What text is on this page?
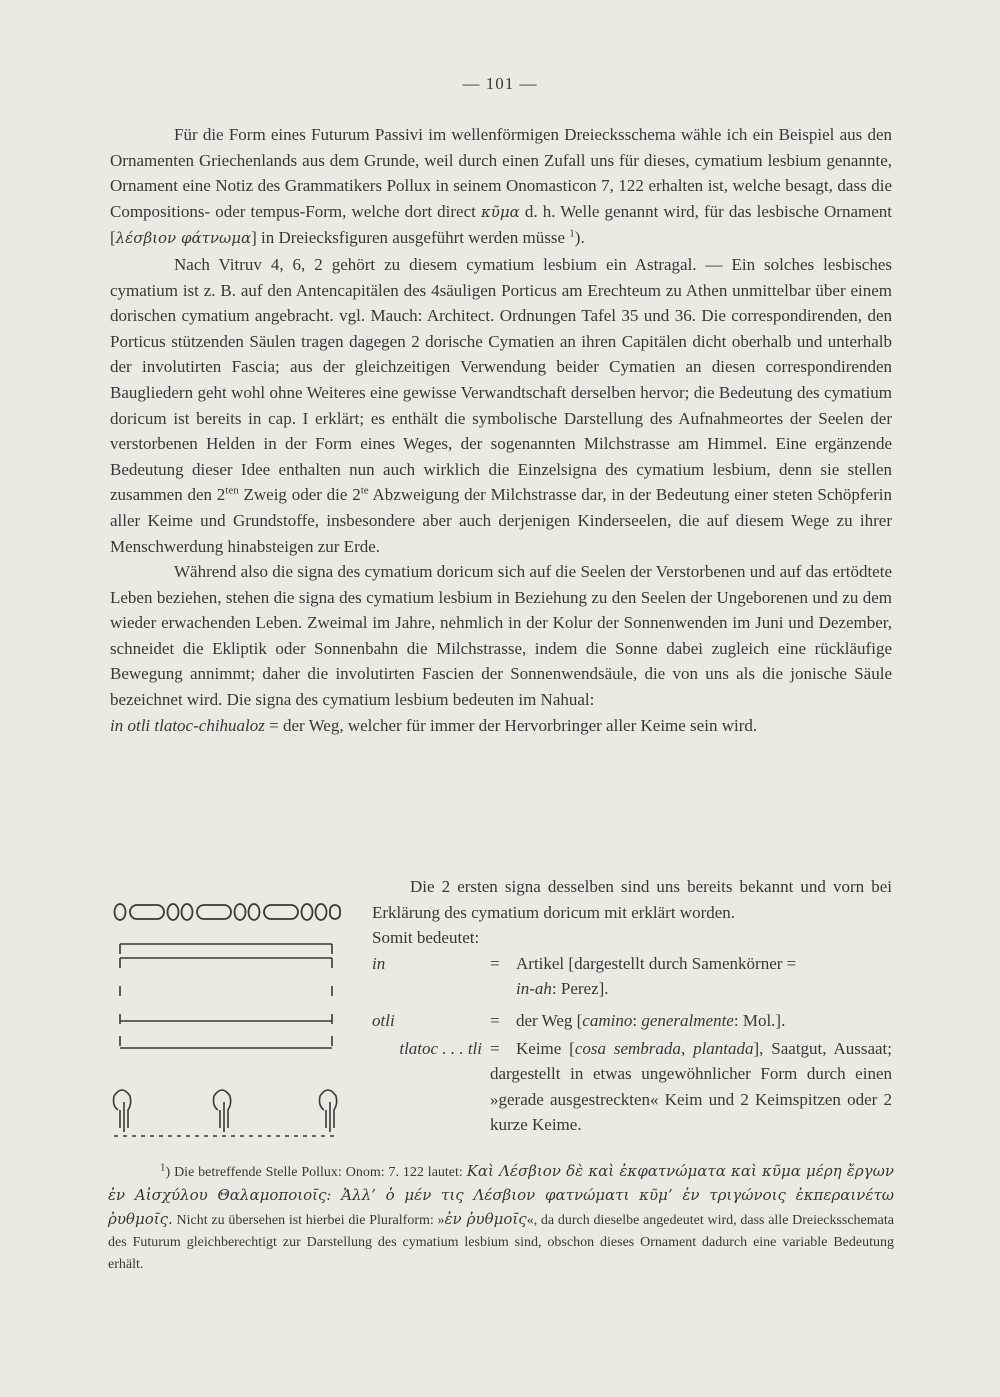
— 101 —

Für die Form eines Futurum Passivi im wellenförmigen Dreiecksschema wähle ich ein Beispiel aus den Ornamenten Griechenlands aus dem Grunde, weil durch einen Zufall uns für dieses, cymatium lesbium genannte, Ornament eine Notiz des Grammatikers Pollux in seinem Onomasticon 7, 122 erhalten ist, welche besagt, dass die Compositions- oder tempus-Form, welche dort direct κῦμα d. h. Welle genannt wird, für das lesbische Ornament [λέσβιον φάτνωμα] in Dreiecksfiguren ausgeführt werden müsse $^1$).

Nach Vitruv 4, 6, 2 gehört zu diesem cymatium lesbium ein Astragal. — Ein solches lesbisches cymatium ist z. B. auf den Antencapitälen des 4säuligen Porticus am Erechteum zu Athen unmittelbar über einem dorischen cymatium angebracht. vgl. Mauch: Architect. Ordnungen Tafel 35 und 36. Die correspondirenden, den Porticus stützenden Säulen tragen dagegen 2 dorische Cymatien an ihren Capitälen dicht oberhalb und unterhalb der involutirten Fascia; aus der gleichzeitigen Verwendung beider Cymatien an diesen correspondirenden Baugliedern geht wohl ohne Weiteres eine gewisse Verwandtschaft derselben hervor; die Bedeutung des cymatium doricum ist bereits in cap. I erklärt; es enthält die symbolische Darstellung des Aufnahmeortes der Seelen der verstorbenen Helden in der Form eines Weges, der sogenannten Milchstrasse am Himmel. Eine ergänzende Bedeutung dieser Idee enthalten nun auch wirklich die Einzelsigna des cymatium lesbium, denn sie stellen zusammen den $2^{ten}$ Zweig oder die $2^{te}$ Abzweigung der Milchstrasse dar, in der Bedeutung einer steten Schöpferin aller Keime und Grundstoffe, insbesondere aber auch derjenigen Kinderseelen, die auf diesem Wege zu ihrer Menschwerdung hinabsteigen zur Erde.

Während also die signa des cymatium doricum sich auf die Seelen der Verstorbenen und auf das ertödtete Leben beziehen, stehen die signa des cymatium lesbium in Beziehung zu den Seelen der Ungeborenen und zu dem wieder erwachenden Leben. Zweimal im Jahre, nehmlich in der Kolur der Sonnenwenden im Juni und Dezember, schneidet die Ekliptik oder Sonnenbahn die Milchstrasse, indem die Sonne dabei zugleich eine rückläufige Bewegung annimmt; daher die involutirten Fascien der Sonnenwendsäule, die von uns als die jonische Säule bezeichnet wird. Die signa des cymatium lesbium bedeuten im Nahual:

in otli tlatoc-chihualoz = der Weg, welcher für immer der Hervorbringer aller Keime sein wird.

Die 2 ersten signa desselben sind uns bereits bekannt und vorn bei Erklärung des cymatium doricum mit erklärt worden.

Somit bedeutet:
in	= Artikel [dargestellt durch Samenkörner =
in-ah: Perez].
otli	= der Weg [camino: generalmente: Mol.].
tlatoc . . . tli = Keime [cosa sembrada, plantada], Saatgut, Aussaat; dargestellt in etwas ungewöhnlicher Form durch einen »gerade ausgestreckten« Keim und 2 Keimspitzen oder 2 kurze Keime.

$^1$) Die betreffende Stelle Pollux: Onom: 7. 122 lautet: Καὶ Λέσβιον δὲ καὶ ἐκφατνώματα καὶ κῦμα μέρη ἔργων ἐν Αἰσχύλου Θαλαμοποιοῖς: Ἀλλ’ ὁ μέν τις Λέσβιον φατνώματι κῦμ’ ἐν τριγώνοις ἐκπεραινέτω ῥυθμοῖς. Nicht zu übersehen ist hierbei die Pluralform: »ἐν ῥυθμοῖς«, da durch dieselbe angedeutet wird, dass alle Dreiecksschemata des Futurum gleichberechtigt zur Darstellung des cymatium lesbium sind, obschon dieses Ornament dadurch eine variable Bedeutung erhält.
